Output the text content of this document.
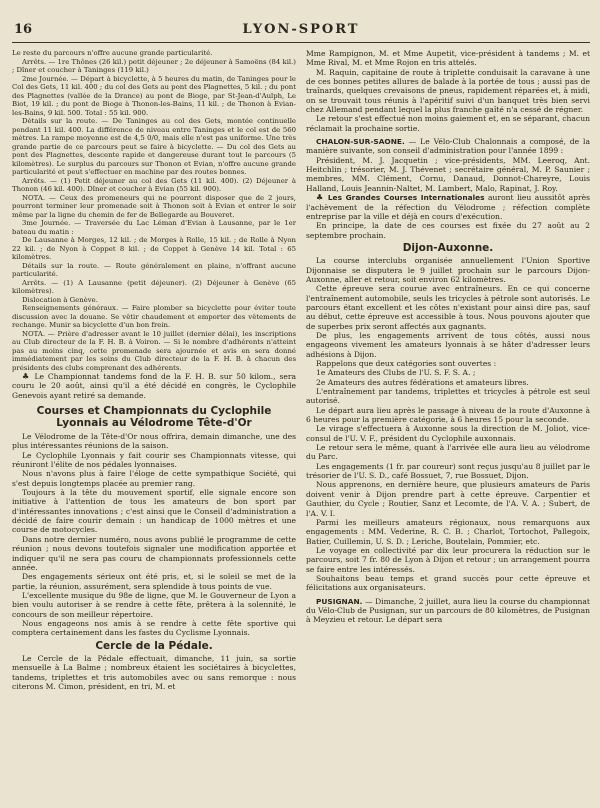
16	LYON-SPORT

Le reste du parcours n'offre aucune grande particularité.

Arrêts. — 1re Thônes (26 kil.) petit déjeuner ; 2e déjeuner à Samoëns (84 kil.) ; Dîner et coucher à Taninges (119 kil.)

2me Journée. — Départ à bicyclette, à 5 heures du matin, de Taninges pour le Col des Gets, 11 kil. 400 ; du col des Gets au pont des Plagnettes, 5 kil. ; du pont des Plagnettes (vallée de la Drance) au pont de Bioge, par St-Jean-d'Aulph, Le Biot, 19 kil. ; du pont de Bioge à Thonon-les-Bains, 11 kil. ; de Thonon à Evian-les-Bains, 9 kil. 500. Total : 55 kil. 900.

Détails sur la route. — De Taninges au col des Gets, montée continuelle pendant 11 kil. 400. La différence de niveau entre Taninges et le col est de 560 mètres. La rampe moyenne est de 4,5 0/0, mais elle n'est pas uniforme. Une très grande partie de ce parcours peut se faire à bicyclette. — Du col des Gets au pont des Plagnettes, descente rapide et dangereuse durant tout le parcours (5 kilomètres). Le surplus du parcours sur Thonon et Evian, n'offre aucune grande particularité et peut s'effectuer en machine par des routes bonnes.

Arrêts. — (1) Petit déjeuner au col des Gets (11 kil. 400). (2) Déjeuner à Thonon (46 kil. 400). Dîner et coucher à Evian (55 kil. 900).

NOTA. — Ceux des promeneurs qui ne pourront disposer que de 2 jours, pourront terminer leur promenade soit à Thonon soit à Evian et entrer le soir même par la ligne du chemin de fer de Bellegarde au Bouveret.

3me Journée. — Traversée du Lac Léman d'Evian à Lausanne, par le 1er bateau du matin :

De Lausanne à Morges, 12 kil. ; de Morges à Rolle, 15 kil. ; de Rolle à Nyon 22 kil. ; de Nyon à Coppet 8 kil. ; de Coppet à Genève 14 kil. Total : 65 kilomètres.

Détails sur la route. — Route généralement en plaine, n'offrant aucune particularité.

Arrêts. — (1) A Lausanne (petit déjeuner). (2) Déjeuner à Genève (65 kilomètres).

Dislocation à Genève.

Renseignements généraux. — Faire plomber sa bicyclette pour éviter toute discussion avec la douane. Se vêtir chaudement et emporter des vêtements de rechange. Munir sa bicyclette d'un bon frein.

NOTA. — Prière d'adresser avant le 10 juillet (dernier délai), les inscriptions au Club directeur de la F. H. B. à Voiron. — Si le nombre d'adhérents n'atteint pas au moins cinq, cette promenade sera ajournée et avis en sera donné immédiatement par les soins du Club directeur de la F. H. B. à chacun des présidents des clubs comprenant des adhérents.

♣ Le Championnat tandems fond de la F. H. B. sur 50 kilom., sera couru le 20 août, ainsi qu'il a été décidé en congrès, le Cyclophile Genevois ayant retiré sa demande.

Courses et Championnats du Cyclophile Lyonnais au Vélodrome Tête-d'Or

Le Vélodrome de la Tête-d'Or nous offrira, demain dimanche, une des plus intéressantes réunions de la saison.

Le Cyclophile Lyonnais y fait courir ses Championnats vitesse, qui réuniront l'élite de nos pédales lyonnaises.

Nous n'avons plus à faire l'éloge de cette sympathique Société, qui s'est depuis longtemps placée au premier rang.

Toujours à la tête du mouvement sportif, elle signale encore son initiative à l'attention de tous les amateurs de bon sport par d'intéressantes innovations ; c'est ainsi que le Conseil d'administration a décidé de faire courir demain : un handicap de 1000 mètres et une course de motocycles.

Dans notre dernier numéro, nous avons publié le programme de cette réunion ; nous devons toutefois signaler une modification apportée et indiquer qu'il ne sera pas couru de championnats professionnels cette année.

Des engagements sérieux ont été pris, et, si le soleil se met de la partie, la réunion, assurément, sera splendide à tous points de vue.

L'excellente musique du 98e de ligne, que M. le Gouverneur de Lyon a bien voulu autoriser à se rendre à cette fête, prêtera à la solennité, le concours de son meilleur répertoire.

Nous engageons nos amis à se rendre à cette fête sportive qui comptera certainement dans les fastes du Cyclisme Lyonnais.

Cercle de la Pédale.

Le Cercle de la Pédale effectuait, dimanche, 11 juin, sa sortie mensuelle à La Balme ; nombreux étaient les sociétaires à bicyclettes, tandems, triplettes et tris automobiles avec ou sans remorque : nous citerons M. Cimon, président, en tri, M. et

Mme Rampignon, M. et Mme Aupetit, vice-président à tandems ; M. et Mme Rival, M. et Mme Rojon en tris attelés.

M. Raquin, capitaine de route à triplette conduisait la caravane à une de ces bonnes petites allures de balade à la portée de tous ; aussi pas de traînards, quelques crevaisons de pneus, rapidement réparées et, à midi, on se trouvait tous réunis à l'apéritif suivi d'un banquet très bien servi chez Allemand pendant lequel la plus franche gaîté n'a cessé de régner.

Le retour s'est effectué non moins gaiement et, en se séparant, chacun réclamait la prochaine sortie.

CHALON-SUR-SAONE. — Le Vélo-Club Chalonnais a composé, de la manière suivante, son conseil d'administration pour l'année 1899 :

Président, M. J. Jacquetin ; vice-présidents, MM. Leeroq, Ant. Heitchlin ; trésorier, M. J. Thévenet ; secrétaire général, M. P. Saunier ; membres, MM. Clément, Cornu, Danaud, Donnot-Chareyre, Louis Halland, Louis Jeannin-Naltet, M. Lambert, Malo, Rapinat, J. Roy.

♣ Les Grandes Courses Internationales auront lieu aussitôt après l'achèvement de la réfection du Vélodrome ; réfection complète entreprise par la ville et déjà en cours d'exécution.

En principe, la date de ces courses est fixée du 27 août au 2 septembre prochain.

Dijon-Auxonne.

La course interclubs organisée annuellement l'Union Sportive Dijonnaise se disputera le 9 juillet prochain sur le parcours Dijon-Auxonne, aller et retour, soit environ 62 kilomètres.

Cette épreuve sera courue avec entraîneurs. En ce qui concerne l'entraînement automobile, seuls les tricycles à pétrole sont autorisés. Le parcours étant excellent et les côtes n'existant pour ainsi dire pas, sauf au début, cette épreuve est accessible à tous. Nous pouvons ajouter que de superbes prix seront affectés aux gagnants.

De plus, les engagements arrivent de tous côtés, aussi nous engageons vivement les amateurs lyonnais à se hâter d'adresser leurs adhésions à Dijon.

Rappelons que deux catégories sont ouvertes :

1e Amateurs des Clubs de l'U. S. F. S. A. ;

2e Amateurs des autres fédérations et amateurs libres.

L'entraînement par tandems, triplettes et tricycles à pétrole est seul autorisé.

Le départ aura lieu après le passage à niveau de la route d'Auxonne à 6 heures pour la première catégorie, à 6 heures 15 pour la seconde.

Le virage s'effectuera à Auxonne sous la direction de M. Joliot, vice-consul de l'U. V. F., président du Cyclophile auxonnais.

Le retour sera le même, quant à l'arrivée elle aura lieu au vélodrome du Parc.

Les engagements (1 fr. par coureur) sont reçus jusqu'au 8 juillet par le trésorier de l'U. S. D., café Bossuet, 7, rue Bossuet, Dijon.

Nous apprenons, en dernière heure, que plusieurs amateurs de Paris doivent venir à Dijon prendre part à cette épreuve. Carpentier et Gauthier, du Cycle ; Routier, Sanz et Lecomte, de l'A. V. A. ; Subert, de l'A. V. I.

Parmi les meilleurs amateurs régionaux, nous remarquons aux engagements : MM. Vederine, R. C. B. ; Charlot, Tortochot, Pallegoix, Batier, Cuillemin, U. S. D. ; Leriche, Boutelain, Pommier, etc.

Le voyage en collectivité par dix leur procurera la réduction sur le parcours, soit 7 fr. 80 de Lyon à Dijon et retour ; un arrangement pourra se faire entre les intéressés.

Souhaitons beau temps et grand succès pour cette épreuve et félicitations aux organisateurs.

PUSIGNAN. — Dimanche, 2 juillet, aura lieu la course du championnat du Vélo-Club de Pusignan, sur un parcours de 80 kilomètres, de Pusignan à Meyzieu et retour. Le départ sera
